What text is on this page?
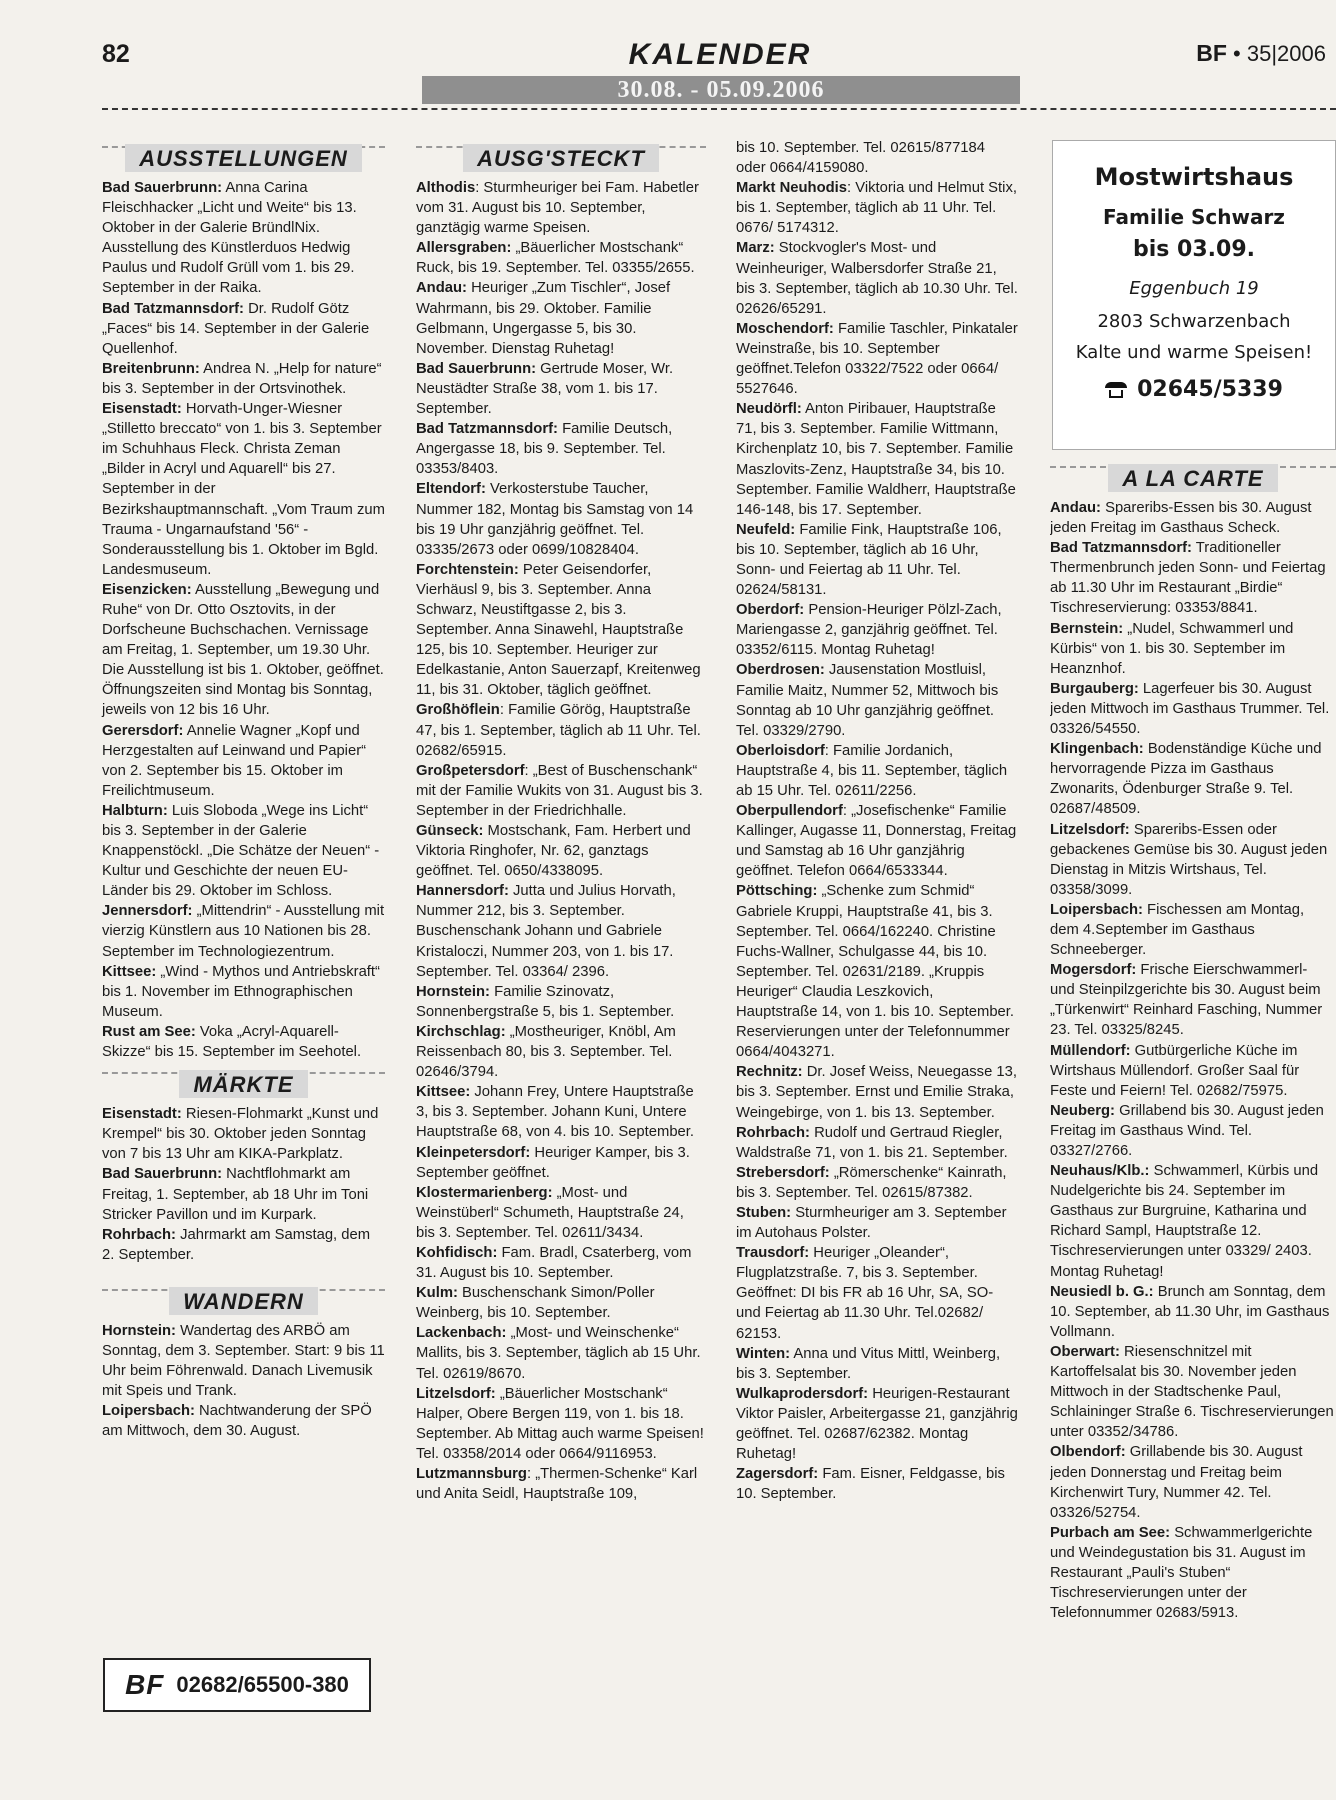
82	KALENDER
30.08. - 05.09.2006
BF • 35|2006
AUSSTELLUNGEN

Bad Sauerbrunn: Anna Carina Fleischhacker „Licht und Weite“ bis 13. Oktober in der Galerie BründlNix. Ausstellung des Künstlerduos Hedwig Paulus und Rudolf Grüll vom 1. bis 29. September in der Raika.

Bad Tatzmannsdorf: Dr. Rudolf Götz „Faces“ bis 14. September in der Galerie Quellenhof.

Breitenbrunn: Andrea N. „Help for nature“ bis 3. September in der Ortsvinothek.

Eisenstadt: Horvath-Unger-Wiesner „Stilletto breccato“ von 1. bis 3. September im Schuhhaus Fleck. Christa Zeman „Bilder in Acryl und Aquarell“ bis 27. September in der Bezirkshauptmannschaft. „Vom Traum zum Trauma - Ungarnaufstand '56“ - Sonderausstellung bis 1. Oktober im Bgld. Landesmuseum.

Eisenzicken: Ausstellung „Bewegung und Ruhe“ von Dr. Otto Osztovits, in der Dorfscheune Buchschachen. Vernissage am Freitag, 1. September, um 19.30 Uhr. Die Ausstellung ist bis 1. Oktober, geöffnet. Öffnungszeiten sind Montag bis Sonntag, jeweils von 12 bis 16 Uhr.

Gerersdorf: Annelie Wagner „Kopf und Herzgestalten auf Leinwand und Papier“ von 2. September bis 15. Oktober im Freilichtmuseum.

Halbturn: Luis Sloboda „Wege ins Licht“ bis 3. September in der Galerie Knappenstöckl. „Die Schätze der Neuen“ - Kultur und Geschichte der neuen EU-Länder bis 29. Oktober im Schloss.

Jennersdorf: „Mittendrin“ - Ausstellung mit vierzig Künstlern aus 10 Nationen bis 28. September im Technologiezentrum.

Kittsee: „Wind - Mythos und Antriebskraft“ bis 1. November im Ethnographischen Museum.

Rust am See: Voka „Acryl-Aquarell-Skizze“ bis 15. September im Seehotel.

MÄRKTE

Eisenstadt: Riesen-Flohmarkt „Kunst und Krempel“ bis 30. Oktober jeden Sonntag von 7 bis 13 Uhr am KIKA-Parkplatz.

Bad Sauerbrunn: Nachtflohmarkt am Freitag, 1. September, ab 18 Uhr im Toni Stricker Pavillon und im Kurpark.

Rohrbach: Jahrmarkt am Samstag, dem 2. September.

WANDERN

Hornstein: Wandertag des ARBÖ am Sonntag, dem 3. September. Start: 9 bis 11 Uhr beim Föhrenwald. Danach Livemusik mit Speis und Trank.

Loipersbach: Nachtwanderung der SPÖ am Mittwoch, dem 30. August.

BF 02682/65500-380
AUSG'STECKT

Althodis: Sturmheuriger bei Fam. Habetler vom 31. August bis 10. September, ganztägig warme Speisen.

Allersgraben: „Bäuerlicher Mostschank“ Ruck, bis 19. September. Tel. 03355/2655.

Andau: Heuriger „Zum Tischler“, Josef Wahrmann, bis 29. Oktober. Familie Gelbmann, Ungergasse 5, bis 30. November. Dienstag Ruhetag!

Bad Sauerbrunn: Gertrude Moser, Wr. Neustädter Straße 38, vom 1. bis 17. September.

Bad Tatzmannsdorf: Familie Deutsch, Angergasse 18, bis 9. September. Tel. 03353/8403.

Eltendorf: Verkosterstube Taucher, Nummer 182, Montag bis Samstag von 14 bis 19 Uhr ganzjährig geöffnet. Tel. 03335/2673 oder 0699/10828404.

Forchtenstein: Peter Geisendorfer, Vierhäusl 9, bis 3. September. Anna Schwarz, Neustiftgasse 2, bis 3. September. Anna Sinawehl, Hauptstraße 125, bis 10. September. Heuriger zur Edelkastanie, Anton Sauerzapf, Kreitenweg 11, bis 31. Oktober, täglich geöffnet.

Großhöflein: Familie Görög, Hauptstraße 47, bis 1. September, täglich ab 11 Uhr. Tel. 02682/65915.

Großpetersdorf: „Best of Buschenschank“ mit der Familie Wukits von 31. August bis 3. September in der Friedrichhalle.

Günseck: Mostschank, Fam. Herbert und Viktoria Ringhofer, Nr. 62, ganztags geöffnet. Tel. 0650/4338095.

Hannersdorf: Jutta und Julius Horvath, Nummer 212, bis 3. September. Buschenschank Johann und Gabriele Kristaloczi, Nummer 203, von 1. bis 17. September. Tel. 03364/ 2396.

Hornstein: Familie Szinovatz, Sonnenbergstraße 5, bis 1. September.

Kirchschlag: „Mostheuriger, Knöbl, Am Reissenbach 80, bis 3. September. Tel. 02646/3794.

Kittsee: Johann Frey, Untere Hauptstraße 3, bis 3. September. Johann Kuni, Untere Hauptstraße 68, von 4. bis 10. September.

Kleinpetersdorf: Heuriger Kamper, bis 3. September geöffnet.

Klostermarienberg: „Most- und Weinstüberl“ Schumeth, Hauptstraße 24, bis 3. September. Tel. 02611/3434.

Kohfidisch: Fam. Bradl, Csaterberg, vom 31. August bis 10. September.

Kulm: Buschenschank Simon/Poller Weinberg, bis 10. September.

Lackenbach: „Most- und Weinschenke“ Mallits, bis 3. September, täglich ab 15 Uhr. Tel. 02619/8670.

Litzelsdorf: „Bäuerlicher Mostschank“ Halper, Obere Bergen 119, von 1. bis 18. September. Ab Mittag auch warme Speisen! Tel. 03358/2014 oder 0664/9116953.

Lutzmannsburg: „Thermen-Schenke“ Karl und Anita Seidl, Hauptstraße 109,

bis 10. September. Tel. 02615/877184 oder 0664/4159080.

Markt Neuhodis: Viktoria und Helmut Stix, bis 1. September, täglich ab 11 Uhr. Tel. 0676/ 5174312.

Marz: Stockvogler's Most- und Weinheuriger, Walbersdorfer Straße 21, bis 3. September, täglich ab 10.30 Uhr. Tel. 02626/65291.

Moschendorf: Familie Taschler, Pinkataler Weinstraße, bis 10. September geöffnet.Telefon 03322/7522 oder 0664/ 5527646.

Neudörfl: Anton Piribauer, Hauptstraße 71, bis 3. September. Familie Wittmann, Kirchenplatz 10, bis 7. September. Familie Maszlovits-Zenz, Hauptstraße 34, bis 10. September. Familie Waldherr, Hauptstraße 146-148, bis 17. September.

Neufeld: Familie Fink, Hauptstraße 106, bis 10. September, täglich ab 16 Uhr, Sonn- und Feiertag ab 11 Uhr. Tel. 02624/58131.

Oberdorf: Pension-Heuriger Pölzl-Zach, Mariengasse 2, ganzjährig geöffnet. Tel. 03352/6115. Montag Ruhetag!

Oberdrosen: Jausenstation Mostluisl, Familie Maitz, Nummer 52, Mittwoch bis Sonntag ab 10 Uhr ganzjährig geöffnet. Tel. 03329/2790.

Oberloisdorf: Familie Jordanich, Hauptstraße 4, bis 11. September, täglich ab 15 Uhr. Tel. 02611/2256.

Oberpullendorf: „Josefischenke“ Familie Kallinger, Augasse 11, Donnerstag, Freitag und Samstag ab 16 Uhr ganzjährig geöffnet. Telefon 0664/6533344.

Pöttsching: „Schenke zum Schmid“ Gabriele Kruppi, Hauptstraße 41, bis 3. September. Tel. 0664/162240. Christine Fuchs-Wallner, Schulgasse 44, bis 10. September. Tel. 02631/2189. „Kruppis Heuriger“ Claudia Leszkovich, Hauptstraße 14, von 1. bis 10. September. Reservierungen unter der Telefonnummer 0664/4043271.

Rechnitz: Dr. Josef Weiss, Neuegasse 13, bis 3. September. Ernst und Emilie Straka, Weingebirge, von 1. bis 13. September.

Rohrbach: Rudolf und Gertraud Riegler, Waldstraße 71, von 1. bis 21. September.

Strebersdorf: „Römerschenke“ Kainrath, bis 3. September. Tel. 02615/87382.

Stuben: Sturmheuriger am 3. September im Autohaus Polster.

Trausdorf: Heuriger „Oleander“, Flugplatzstraße. 7, bis 3. September. Geöffnet: DI bis FR ab 16 Uhr, SA, SO- und Feiertag ab 11.30 Uhr. Tel.02682/ 62153.

Winten: Anna und Vitus Mittl, Weinberg, bis 3. September.

Wulkaprodersdorf: Heurigen-Restaurant Viktor Paisler, Arbeitergasse 21, ganzjährig geöffnet. Tel. 02687/62382. Montag Ruhetag!

Zagersdorf: Fam. Eisner, Feldgasse, bis 10. September.

Mostwirtshaus
Familie Schwarz
bis 03.09.
Eggenbuch 19
2803 Schwarzenbach
Kalte und warme Speisen!
02645/5339
A LA CARTE

Andau: Spareribs-Essen bis 30. August jeden Freitag im Gasthaus Scheck.

Bad Tatzmannsdorf: Traditioneller Thermenbrunch jeden Sonn- und Feiertag ab 11.30 Uhr im Restaurant „Birdie“ Tischreservierung: 03353/8841.

Bernstein: „Nudel, Schwammerl und Kürbis“ von 1. bis 30. September im Heanznhof.

Burgauberg: Lagerfeuer bis 30. August jeden Mittwoch im Gasthaus Trummer. Tel. 03326/54550.

Klingenbach: Bodenständige Küche und hervorragende Pizza im Gasthaus Zwonarits, Ödenburger Straße 9. Tel. 02687/48509.

Litzelsdorf: Spareribs-Essen oder gebackenes Gemüse bis 30. August jeden Dienstag in Mitzis Wirtshaus, Tel. 03358/3099.

Loipersbach: Fischessen am Montag, dem 4.September im Gasthaus Schneeberger.

Mogersdorf: Frische Eierschwammerl- und Steinpilzgerichte bis 30. August beim „Türkenwirt“ Reinhard Fasching, Nummer 23. Tel. 03325/8245.

Müllendorf: Gutbürgerliche Küche im Wirtshaus Müllendorf. Großer Saal für Feste und Feiern! Tel. 02682/75975.

Neuberg: Grillabend bis 30. August jeden Freitag im Gasthaus Wind. Tel. 03327/2766.

Neuhaus/Klb.: Schwammerl, Kürbis und Nudelgerichte bis 24. September im Gasthaus zur Burgruine, Katharina und Richard Sampl, Hauptstraße 12. Tischreservierungen unter 03329/ 2403. Montag Ruhetag!

Neusiedl b. G.: Brunch am Sonntag, dem 10. September, ab 11.30 Uhr, im Gasthaus Vollmann.

Oberwart: Riesenschnitzel mit Kartoffelsalat bis 30. November jeden Mittwoch in der Stadtschenke Paul, Schlaininger Straße 6. Tischreservierungen unter 03352/34786.

Olbendorf: Grillabende bis 30. August jeden Donnerstag und Freitag beim Kirchenwirt Tury, Nummer 42. Tel. 03326/52754.

Purbach am See: Schwammerlgerichte und Weindegustation bis 31. August im Restaurant „Pauli's Stuben“ Tischreservierungen unter der Telefonnummer 02683/5913.
